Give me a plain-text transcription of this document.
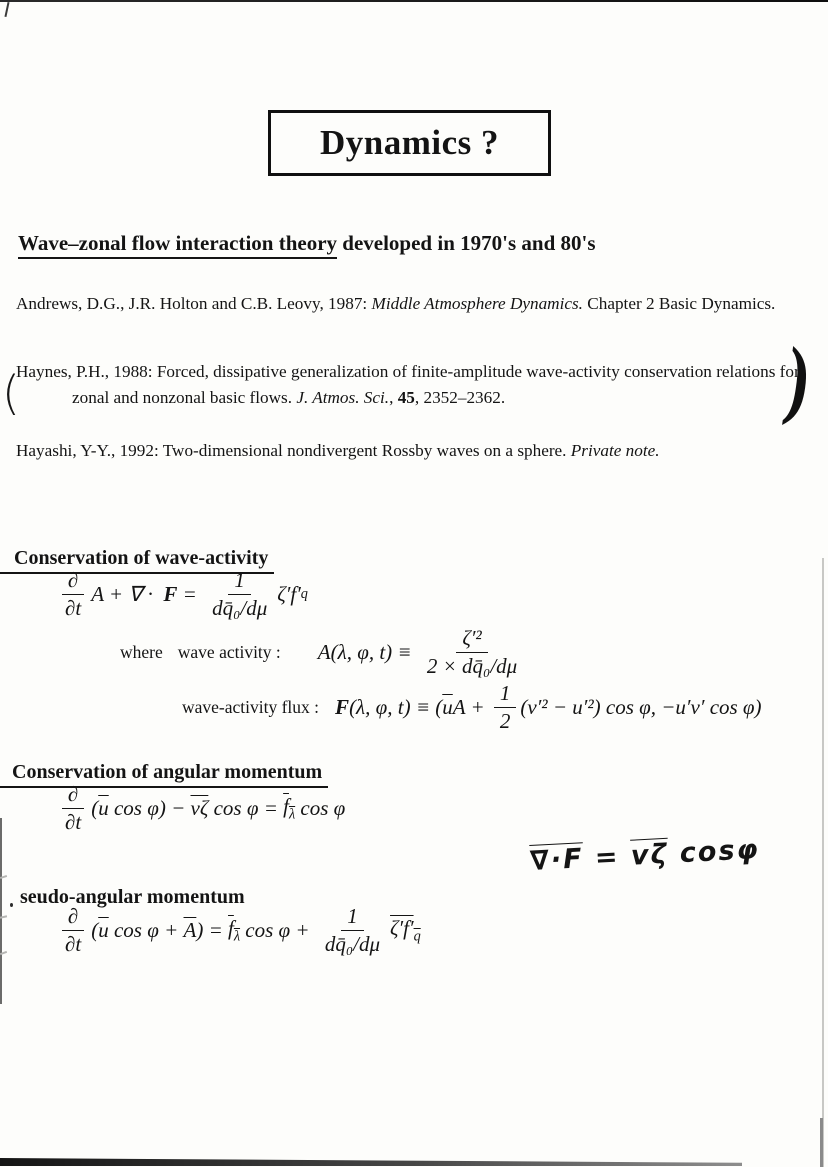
Dynamics ?
Wave–zonal flow interaction theory developed in 1970's and 80's

Andrews, D.G., J.R. Holton and C.B. Leovy, 1987: Middle Atmosphere Dynamics. Chapter 2 Basic Dynamics.

Haynes, P.H., 1988: Forced, dissipative generalization of finite-amplitude wave-activity conservation relations for zonal and nonzonal basic flows. J. Atmos. Sci., 45, 2352–2362.

Hayashi, Y-Y., 1992: Two-dimensional nondivergent Rossby waves on a sphere. Private note.

(	)
Conservation of wave-activity
$\frac{\partial}{\partial t}$ A + ∇ · $F = \frac{1}{\text{dq̄₀/dμ}} \zeta'f'$ q
where wave activity : A(λ, φ, $t) \equiv \frac{\text{ζ′²}}{\text{2 × dq̄₀/dμ}}$
wave-activity flux : F (λ, φ, t) ≡ ( $\overline{u}$ $A + \frac{1}{2} (v'^2 - u'^2)$ cos φ, −u′v′ cos φ)
Conservation of angular momentum
$\frac{\partial}{\partial t}$ ( $\overline{u}$ $\cos \varphi) - \overline{v\zeta}$ $\cos \varphi = f_\lambda$ cos φ
∇·F
=
$\overline{v\zeta}$
cosφ
seudo-angular momentum
$\frac{\partial}{\partial t}$ ( $\overline{u}$ $\cos \varphi + \overline{A}$ ) = $f_\lambda$ $\cos \varphi + \frac{1}{\text{dq̄₀/dμ}} \zeta'f'_q$
